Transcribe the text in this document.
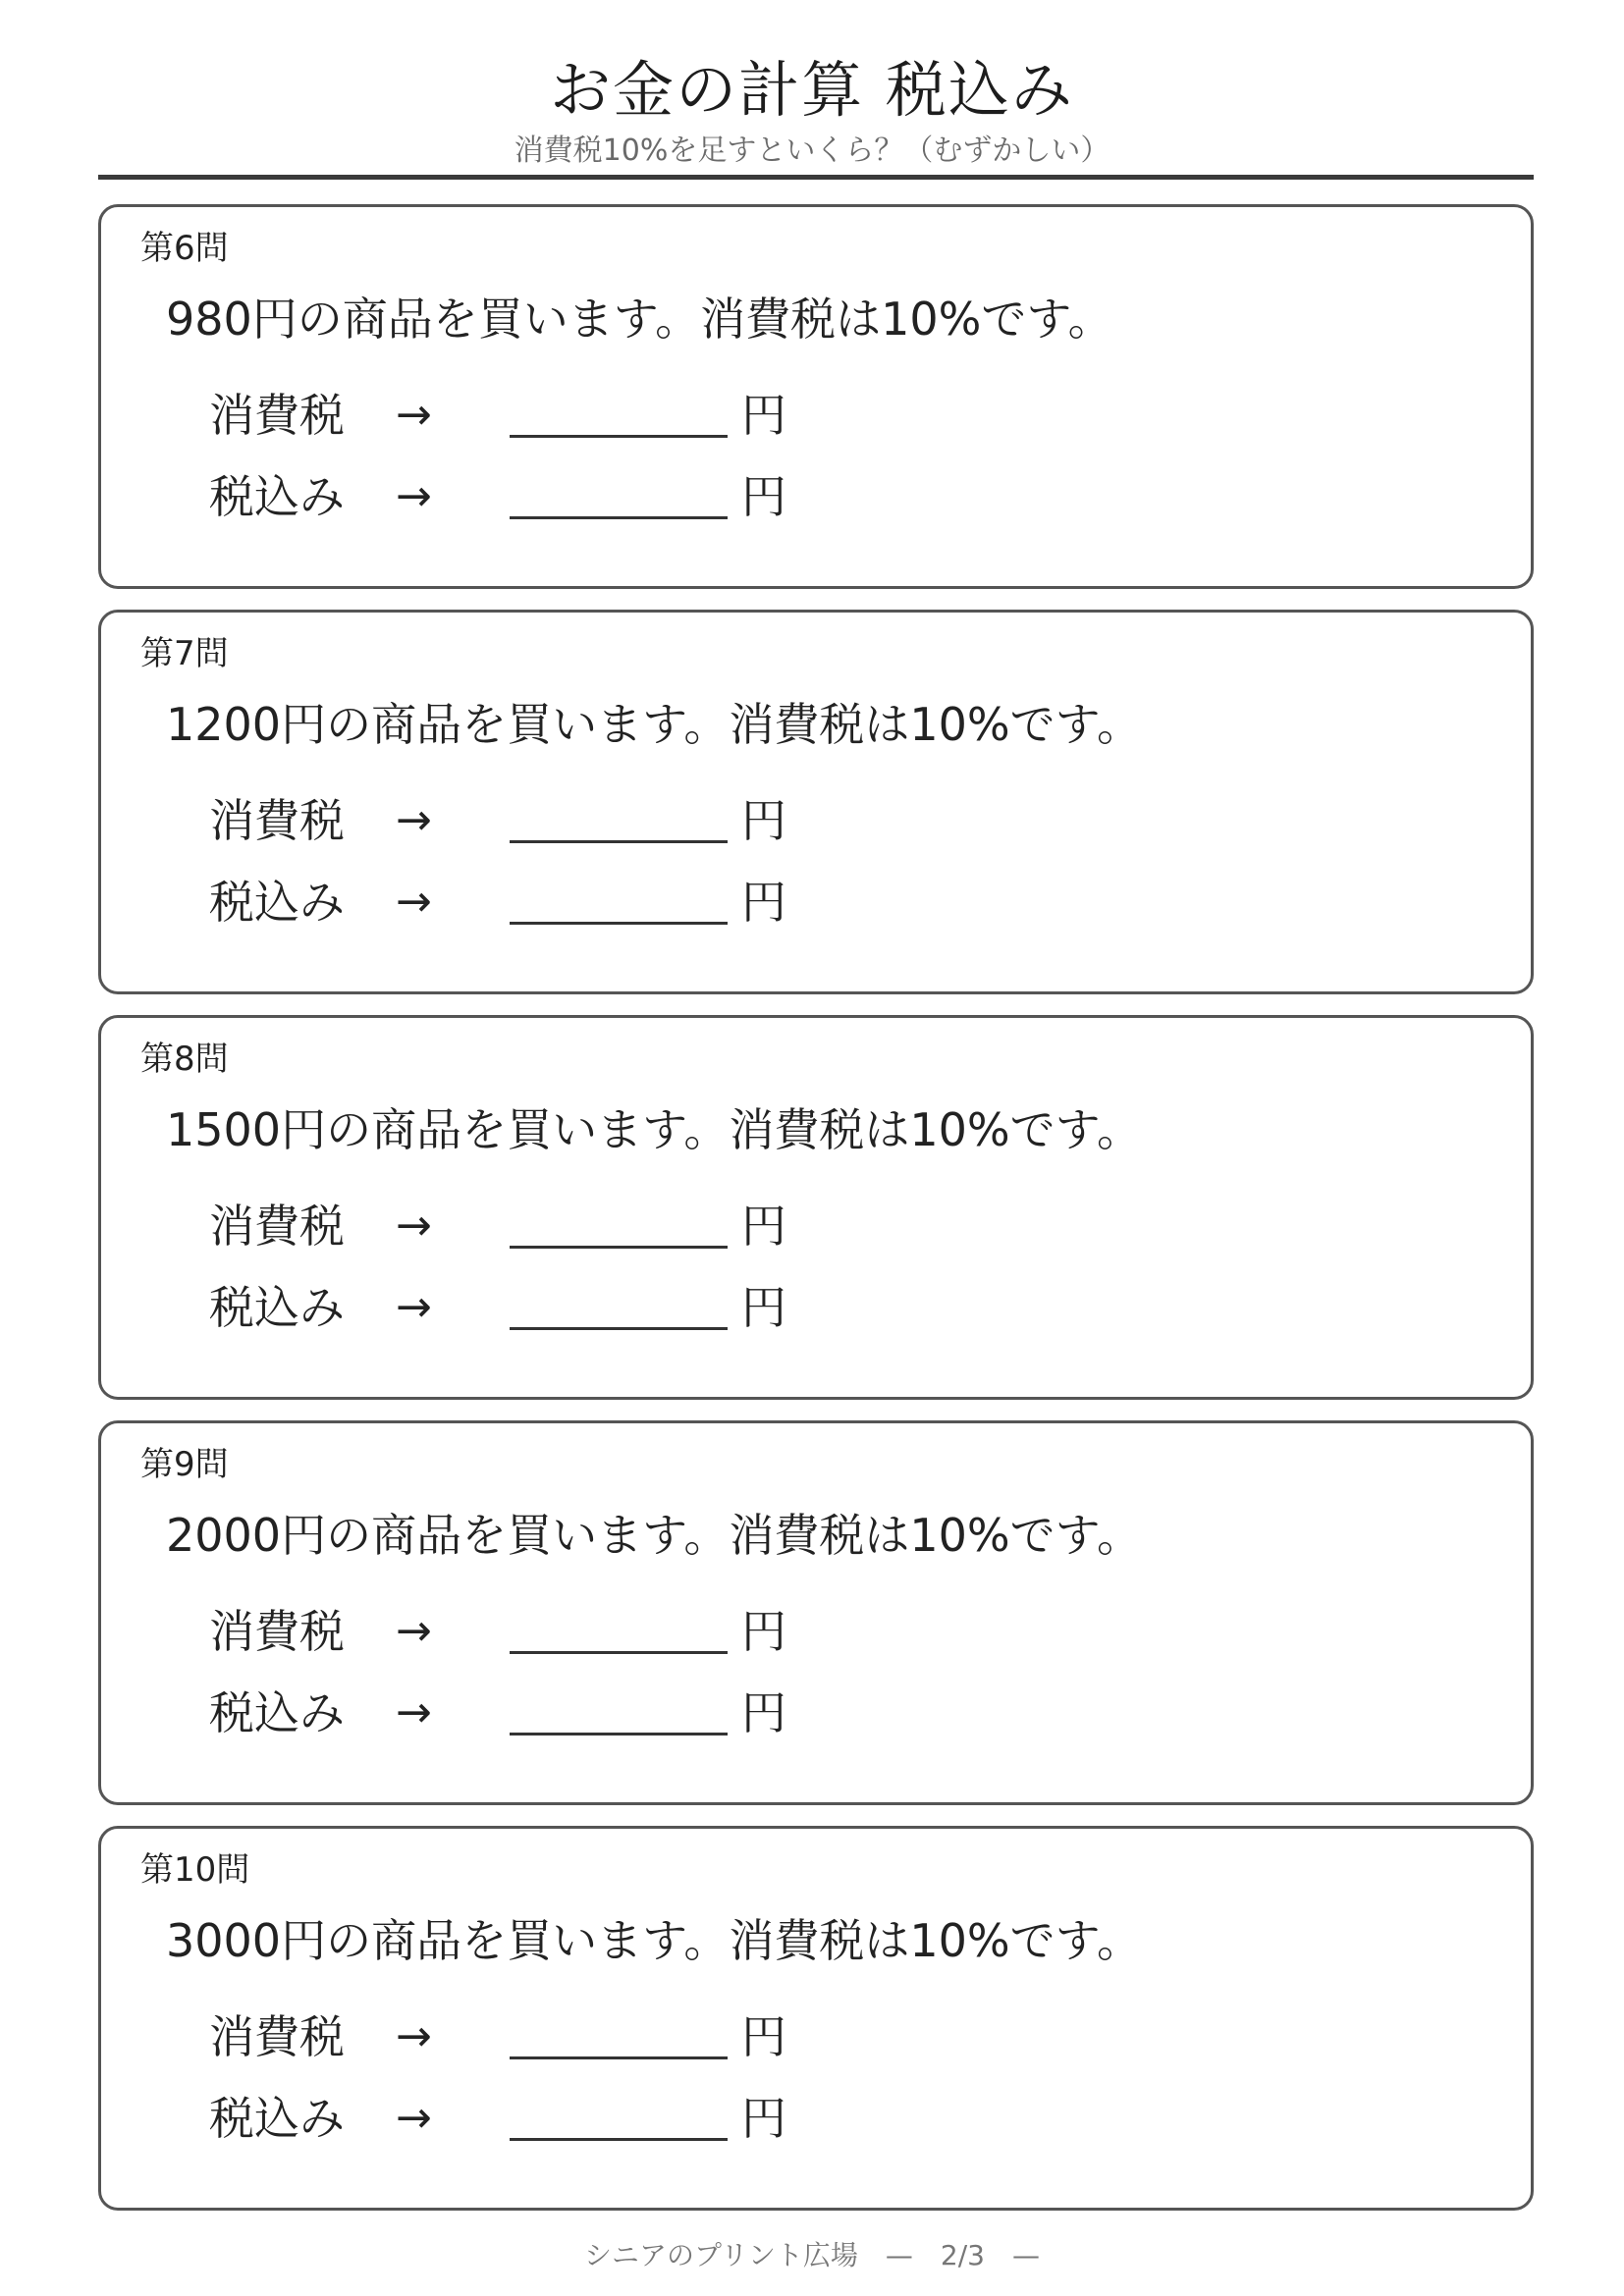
お金の計算 税込み
消費税10%を足すといくら？（むずかしい）
第6問
980円の商品を買います。消費税は10%です。
消費税 →	円
税込み →	円
第7問
1200円の商品を買います。消費税は10%です。
消費税 →	円
税込み →	円
第8問
1500円の商品を買います。消費税は10%です。
消費税 →	円
税込み →	円
第9問
2000円の商品を買います。消費税は10%です。
消費税 →	円
税込み →	円
第10問
3000円の商品を買います。消費税は10%です。
消費税 →	円
税込み →	円
シニアのプリント広場　—　2/3　—
